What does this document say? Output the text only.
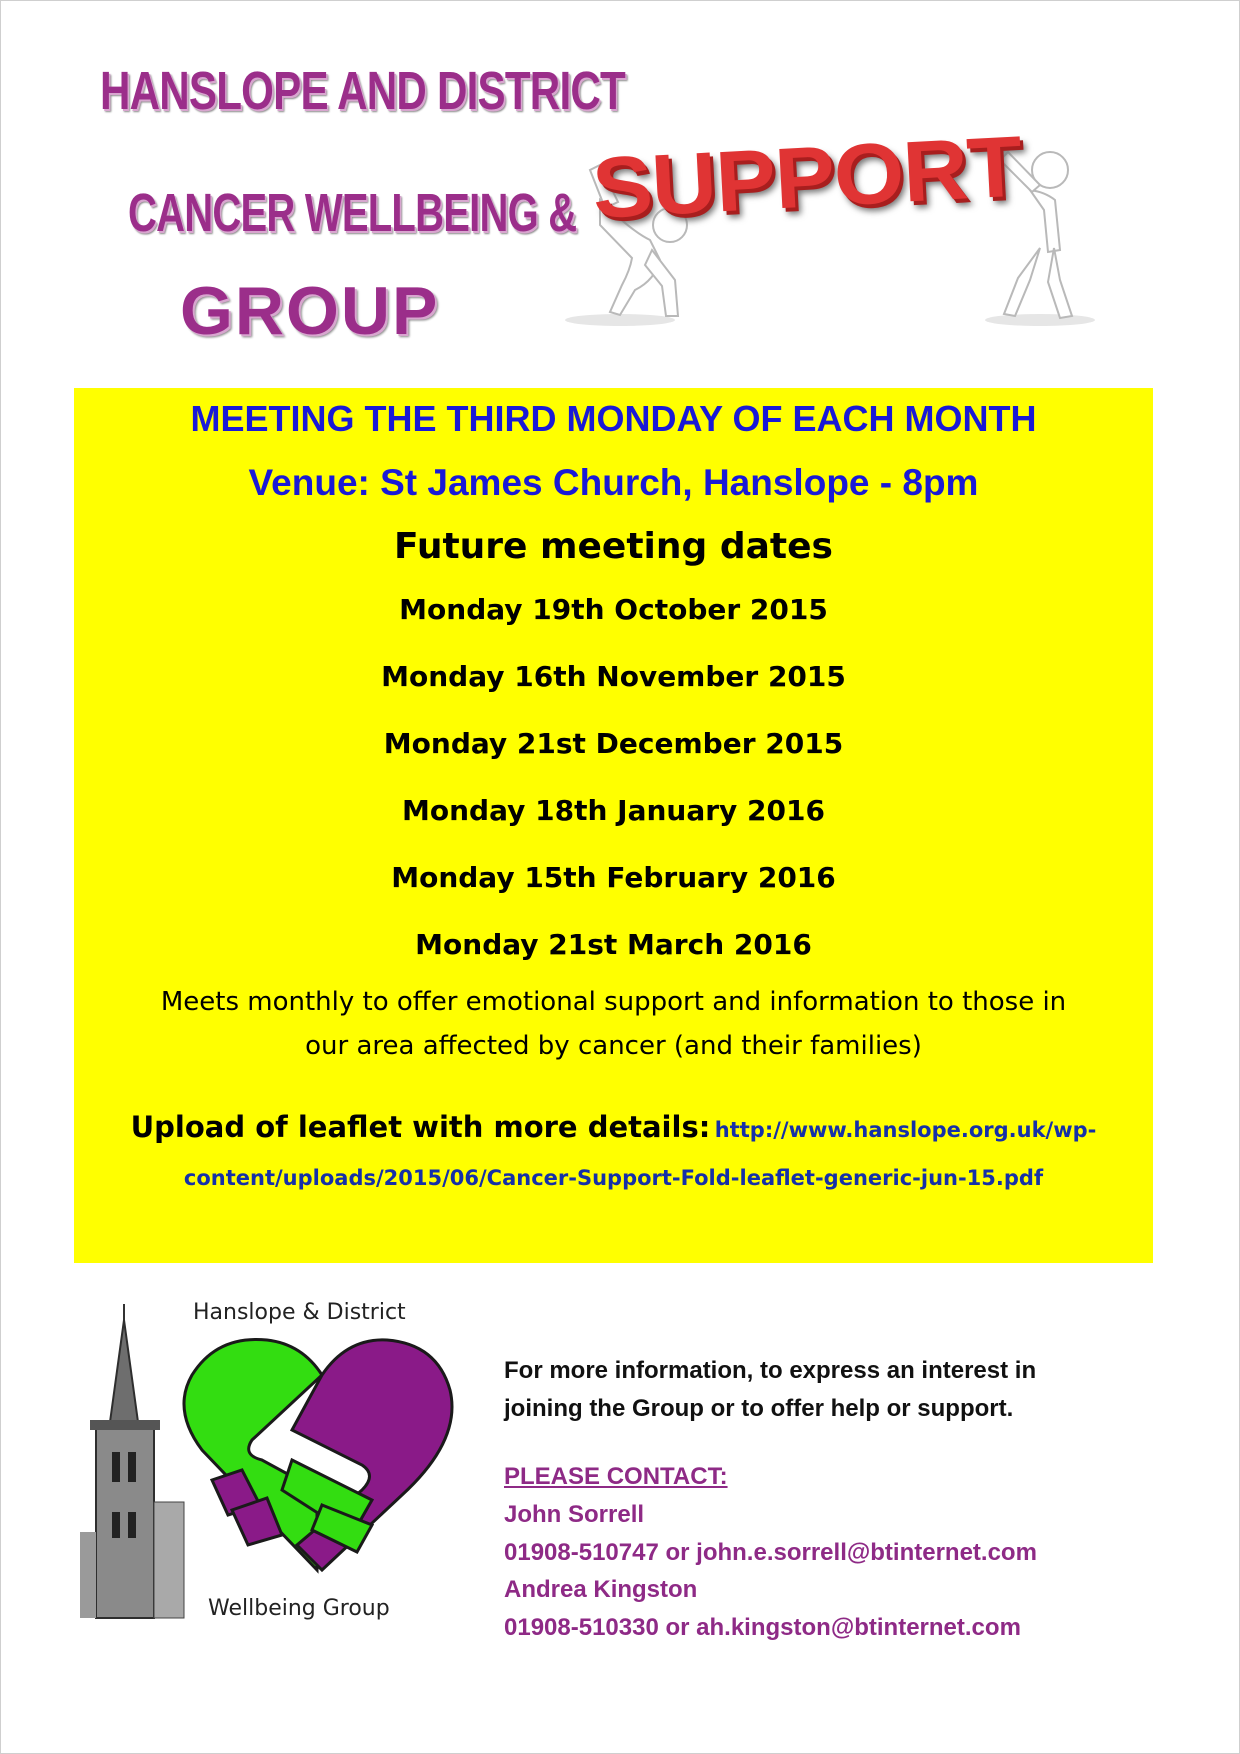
HANSLOPE AND DISTRICT
CANCER WELLBEING &
GROUP
SUPPORT
MEETING THE THIRD MONDAY OF EACH MONTH
Venue: St James Church, Hanslope - 8pm
Future meeting dates
Monday 19th October 2015
Monday 16th November 2015
Monday 21st December 2015
Monday 18th January 2016
Monday 15th February 2016
Monday 21st March 2016
Meets monthly to offer emotional support and information to those in
our area affected by cancer (and their families)
Upload of leaflet with more details: http://www.hanslope.org.uk/wp-
content/uploads/2015/06/Cancer-Support-Fold-leaflet-generic-jun-15.pdf
Hanslope & District
Wellbeing Group
For more information, to express an interest in
joining the Group or to offer help or support.
PLEASE CONTACT:
John Sorrell
01908-510747 or john.e.sorrell@btinternet.com
Andrea Kingston
01908-510330 or ah.kingston@btinternet.com
